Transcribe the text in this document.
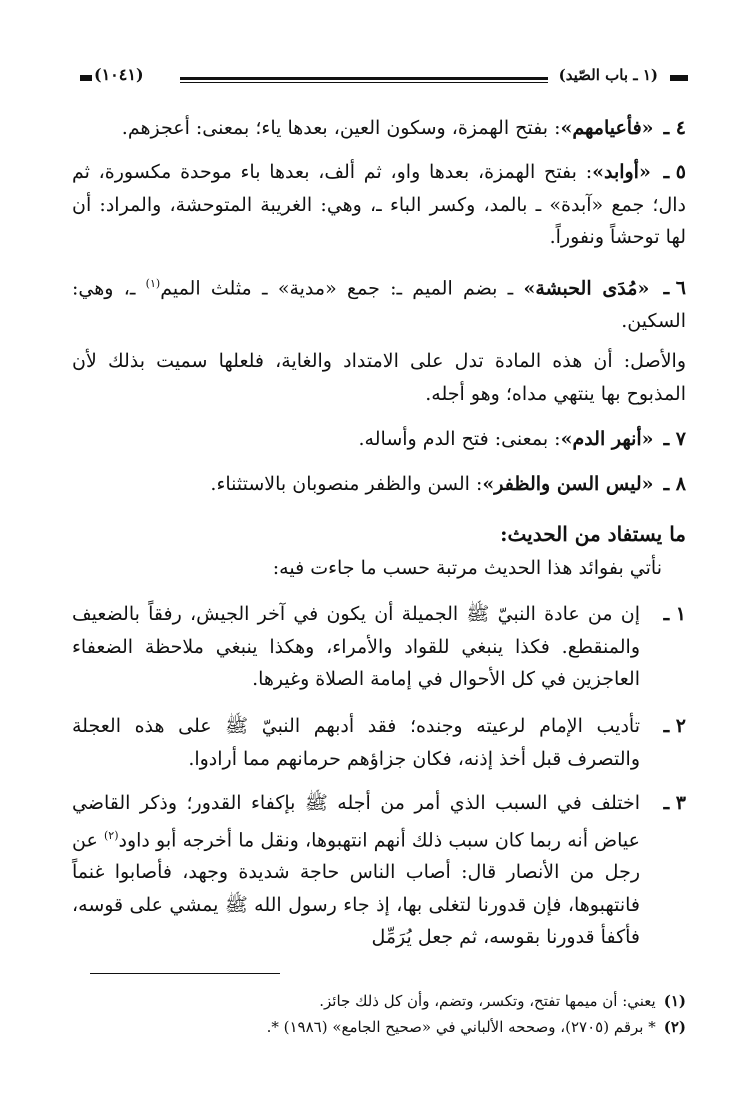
(١ ـ باب الصّيد)
(١٠٤١)
٤ ـ «فأعيامهم»: بفتح الهمزة، وسكون العين، بعدها ياء؛ بمعنى: أعجزهم.
٥ ـ «أوابد»: بفتح الهمزة، بعدها واو، ثم ألف، بعدها باء موحدة مكسورة، ثم دال؛ جمع «آبدة» ـ بالمد، وكسر الباء ـ، وهي: الغريبة المتوحشة، والمراد: أن لها توحشاً ونفوراً.
٦ ـ «مُدَى الحبشة» ـ بضم الميم ـ: جمع «مدية» ـ مثلث الميم$^{(١)}$ ـ، وهي: السكين.
والأصل: أن هذه المادة تدل على الامتداد والغاية، فلعلها سميت بذلك لأن المذبوح بها ينتهي مداه؛ وهو أجله.
٧ ـ «أنهر الدم»: بمعنى: فتح الدم وأساله.
٨ ـ «ليس السن والظفر»: السن والظفر منصوبان بالاستثناء.
ما يستفاد من الحديث:
نأتي بفوائد هذا الحديث مرتبة حسب ما جاءت فيه:
١ ـ
إن من عادة النبيّ ﷺ الجميلة أن يكون في آخر الجيش، رفقاً بالضعيف والمنقطع. فكذا ينبغي للقواد والأمراء، وهكذا ينبغي ملاحظة الضعفاء العاجزين في كل الأحوال في إمامة الصلاة وغيرها.
٢ ـ
تأديب الإمام لرعيته وجنده؛ فقد أدبهم النبيّ ﷺ على هذه العجلة والتصرف قبل أخذ إذنه، فكان جزاؤهم حرمانهم مما أرادوا.
٣ ـ
اختلف في السبب الذي أمر من أجله ﷺ بإكفاء القدور؛ وذكر القاضي عياض أنه ربما كان سبب ذلك أنهم انتهبوها، ونقل ما أخرجه أبو داود$^{(٢)}$ عن رجل من الأنصار قال: أصاب الناس حاجة شديدة وجهد، فأصابوا غنماً فانتهبوها، فإن قدورنا لتغلى بها، إذ جاء رسول الله ﷺ يمشي على قوسه، فأكفأ قدورنا بقوسه، ثم جعل يُرَمِّل
(١)يعني: أن ميمها تفتح، وتكسر، وتضم، وأن كل ذلك جائز.
(٢)* برقم (٢٧٠٥)، وصححه الألباني في «صحيح الجامع» (١٩٨٦) *.
